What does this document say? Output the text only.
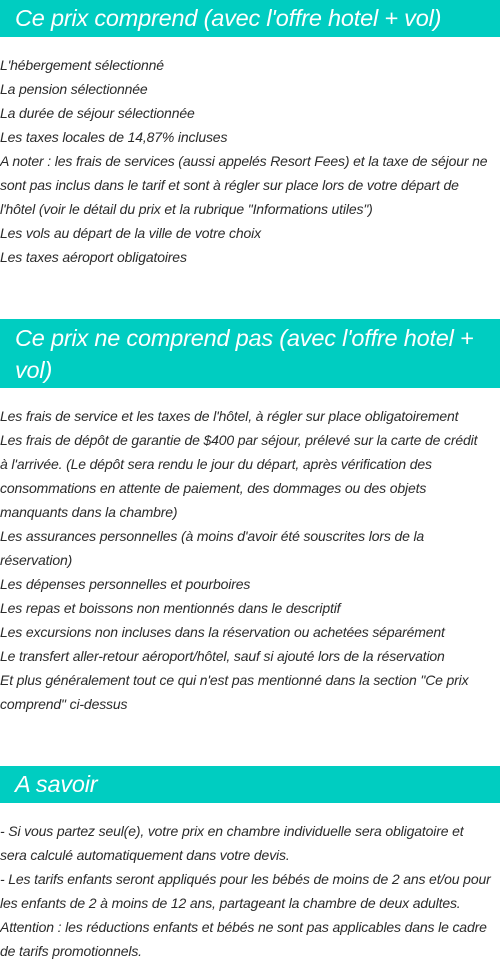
Ce prix comprend (avec l'offre hotel + vol)
L'hébergement sélectionné
La pension sélectionnée
La durée de séjour sélectionnée
Les taxes locales de 14,87% incluses
A noter : les frais de services (aussi appelés Resort Fees) et la taxe de séjour ne
sont pas inclus dans le tarif et sont à régler sur place lors de votre départ de
l'hôtel (voir le détail du prix et la rubrique "Informations utiles")
Les vols au départ de la ville de votre choix
Les taxes aéroport obligatoires
Ce prix ne comprend pas (avec l'offre hotel +
vol)
Les frais de service et les taxes de l'hôtel, à régler sur place obligatoirement
Les frais de dépôt de garantie de $400 par séjour, prélevé sur la carte de crédit
à l'arrivée. (Le dépôt sera rendu le jour du départ, après vérification des
consommations en attente de paiement, des dommages ou des objets
manquants dans la chambre)
Les assurances personnelles (à moins d'avoir été souscrites lors de la
réservation)
Les dépenses personnelles et pourboires
Les repas et boissons non mentionnés dans le descriptif
Les excursions non incluses dans la réservation ou achetées séparément
Le transfert aller-retour aéroport/hôtel, sauf si ajouté lors de la réservation
Et plus généralement tout ce qui n'est pas mentionné dans la section "Ce prix
comprend" ci-dessus
A savoir
- Si vous partez seul(e), votre prix en chambre individuelle sera obligatoire et
sera calculé automatiquement dans votre devis.
- Les tarifs enfants seront appliqués pour les bébés de moins de 2 ans et/ou pour
les enfants de 2 à moins de 12 ans, partageant la chambre de deux adultes.
Attention : les réductions enfants et bébés ne sont pas applicables dans le cadre
de tarifs promotionnels.
